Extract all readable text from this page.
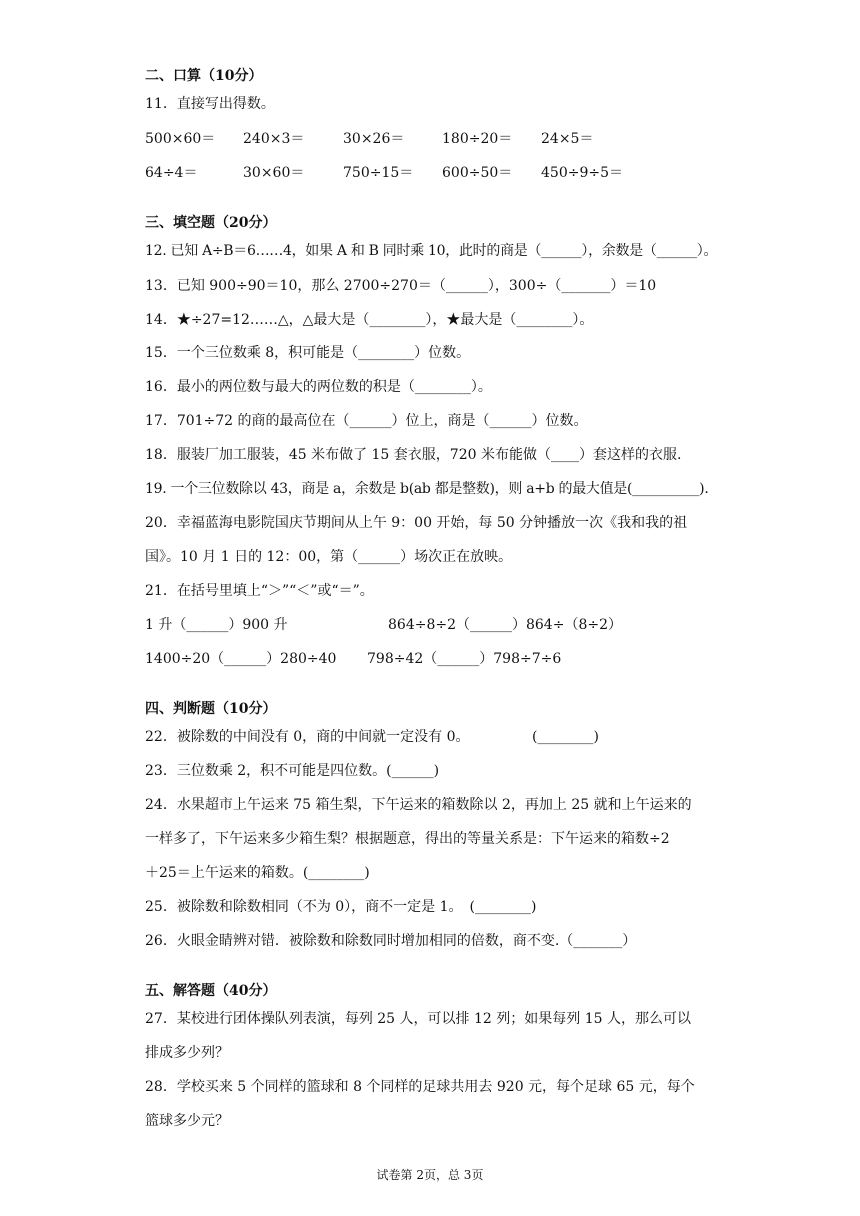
二、口算（10分）
11．直接写出得数。
500×60＝ 240×3＝	30×26＝	180÷20＝ 24×5＝
64÷4＝	30×60＝	750÷15＝ 600÷50＝ 450÷9÷5＝
三、填空题（20分）
12. 已知 A÷B＝6……4，如果 A 和 B 同时乘 10，此时的商是（______），余数是（______）。
13．已知 900÷90＝10，那么 2700÷270＝（______），300÷（_______）＝10
14．★÷27=12……△，△最大是（________），★最大是（________）。
15．一个三位数乘 8，积可能是（________）位数。
16．最小的两位数与最大的两位数的积是（________）。
17．701÷72 的商的最高位在（______）位上，商是（______）位数。
18．服装厂加工服装，45 米布做了 15 套衣服，720 米布能做（____）套这样的衣服.
19. 一个三位数除以 43，商是 a，余数是 b(ab 都是整数)，则 a+b 的最大值是(__________).
20．幸福蓝海电影院国庆节期间从上午 9：00 开始，每 50 分钟播放一次《我和我的祖
国》。10 月 1 日的 12：00，第（______）场次正在放映。
21．在括号里填上“＞”“＜”或“＝”。
1 升（______）900 升	864÷8÷2（______）864÷（8÷2）
1400÷20（______）280÷40 798÷42（______）798÷7÷6
四、判断题（10分）
22．被除数的中间没有 0，商的中间就一定没有 0。	(________)
23．三位数乘 2，积不可能是四位数。(______)
24．水果超市上午运来 75 箱生梨，下午运来的箱数除以 2，再加上 25 就和上午运来的
一样多了，下午运来多少箱生梨？根据题意，得出的等量关系是：下午运来的箱数÷2
＋25＝上午运来的箱数。(________)
25．被除数和除数相同（不为 0），商不一定是 1。　(________)
26．火眼金睛辨对错．被除数和除数同时增加相同的倍数，商不变.（_______）
五、解答题（40分）
27．某校进行团体操队列表演，每列 25 人，可以排 12 列；如果每列 15 人，那么可以
排成多少列？
28．学校买来 5 个同样的篮球和 8 个同样的足球共用去 920 元，每个足球 65 元，每个
篮球多少元？
试卷第 2页，总 3页
